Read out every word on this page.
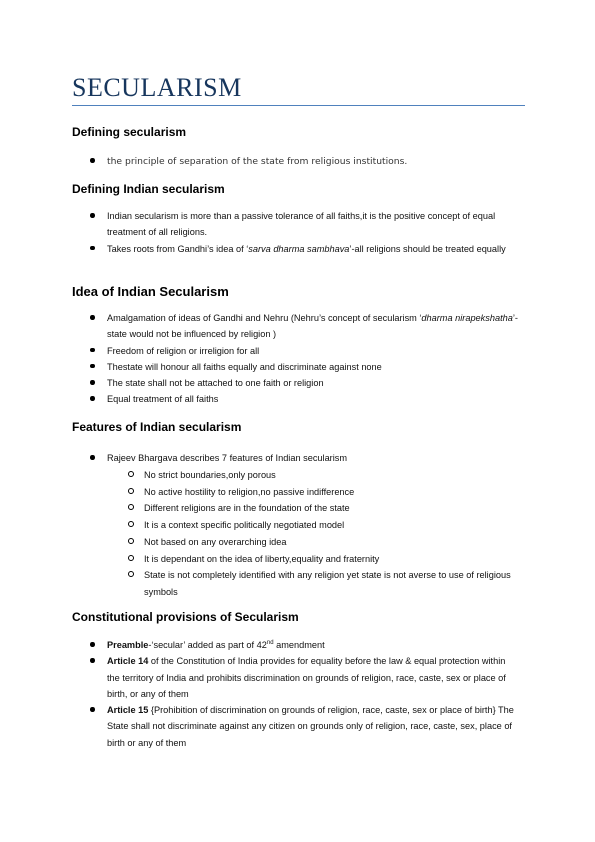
SECULARISM
Defining secularism
the principle of separation of the state from religious institutions.
Defining Indian secularism
Indian secularism is more than a passive tolerance of all faiths,it is the positive concept of equal treatment of all religions.
Takes roots from Gandhi’s idea of ‘sarva dharma sambhava’-all religions should be treated equally
Idea of Indian Secularism
Amalgamation of ideas of Gandhi and Nehru (Nehru’s concept of secularism ‘dharma nirapekshatha’-state would not be influenced by religion )
Freedom of religion or irreligion for all
Thestate will honour all faiths equally and discriminate against none
The state shall not be attached to one faith or religion
Equal treatment of all faiths
Features of Indian secularism
Rajeev Bhargava describes 7 features of Indian secularism
No strict boundaries,only porous
No active hostility to religion,no passive indifference
Different religions are in the foundation of the state
It is a context specific politically negotiated model
Not based on any overarching idea
It is dependant on the idea of liberty,equality and fraternity
State is not completely identified with any religion yet state is not averse to use of religious symbols
Constitutional provisions of Secularism
Preamble-‘secular’ added as part of 42nd amendment
Article 14 of the Constitution of India provides for equality before the law & equal protection within the territory of India and prohibits discrimination on grounds of religion, race, caste, sex or place of birth, or any of them
Article 15 {Prohibition of discrimination on grounds of religion, race, caste, sex or place of birth} The State shall not discriminate against any citizen on grounds only of religion, race, caste, sex, place of birth or any of them
